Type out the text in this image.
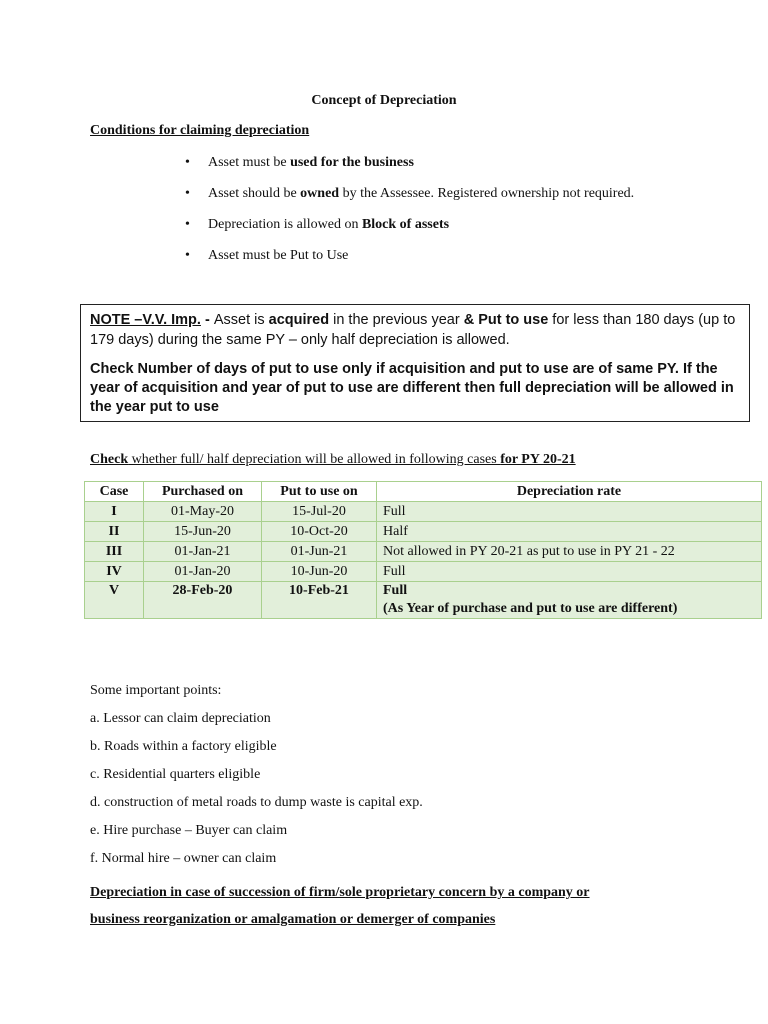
Concept of Depreciation
Conditions for claiming depreciation
• Asset must be used for the business
• Asset should be owned by the Assessee. Registered ownership not required.
• Depreciation is allowed on Block of assets
• Asset must be Put to Use

NOTE –V.V. Imp. - Asset is acquired in the previous year & Put to use for less than 180 days (up to 179 days) during the same PY – only half depreciation is allowed.

Check Number of days of put to use only if acquisition and put to use are of same PY. If the year of acquisition and year of put to use are different then full depreciation will be allowed in the year put to use

Check whether full/ half depreciation will be allowed in following cases for PY 20-21
Case	Purchased on	Put to use on	Depreciation rate
I	01-May-20	15-Jul-20	Full
II	15-Jun-20	10-Oct-20	Half
III	01-Jan-21	01-Jun-21	Not allowed in PY 20-21 as put to use in PY 21 - 22
IV	01-Jan-20	10-Jun-20	Full
V	28-Feb-20	10-Feb-21	Full
(As Year of purchase and put to use are different)
Some important points:
a. Lessor can claim depreciation
b. Roads within a factory eligible
c. Residential quarters eligible
d. construction of metal roads to dump waste is capital exp.
e. Hire purchase – Buyer can claim
f. Normal hire – owner can claim
Depreciation in case of succession of firm/sole proprietary concern by a company or
business reorganization or amalgamation or demerger of companies
